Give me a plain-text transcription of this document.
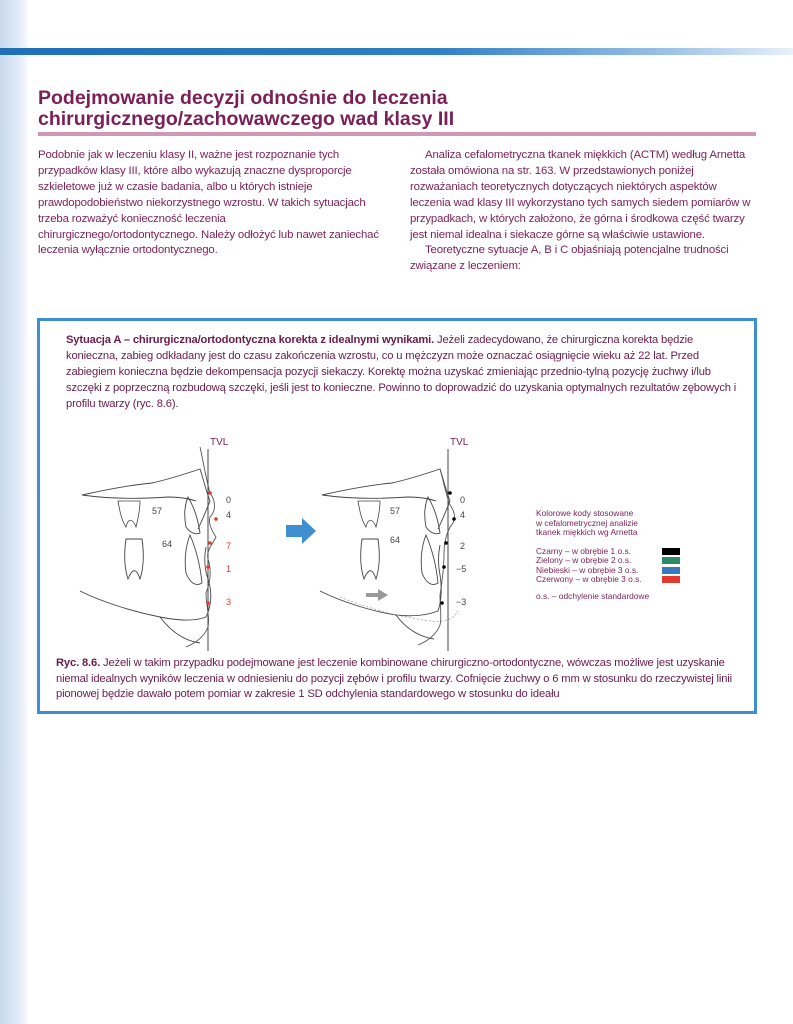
Podejmowanie decyzji odnośnie do leczenia
chirurgicznego/zachowawczego wad klasy III

Podobnie jak w leczeniu klasy II, ważne jest rozpoznanie tych przypadków klasy III, które albo wykazują znaczne dysproporcje szkieletowe już w czasie badania, albo u których istnieje prawdopodobieństwo niekorzystnego wzrostu. W takich sytuacjach trzeba rozważyć konieczność leczenia chirurgicznego/ortodontycznego. Należy odłożyć lub nawet zaniechać leczenia wyłącznie ortodontycznego.

Analiza cefalometryczna tkanek miękkich (ACTM) według Arnetta została omówiona na str. 163. W przedstawionych poniżej rozważaniach teoretycznych dotyczących niektórych aspektów leczenia wad klasy III wykorzystano tych samych siedem pomiarów w przypadkach, w których założono, że górna i środkowa część twarzy jest niemal idealna i siekacze górne są właściwie ustawione.

Teoretyczne sytuacje A, B i C objaśniają potencjalne trudności związane z leczeniem:

Sytuacja A – chirurgiczna/ortodontyczna korekta z idealnymi wynikami. Jeżeli zadecydowano, że chirurgiczna korekta będzie konieczna, zabieg odkładany jest do czasu zakończenia wzrostu, co u mężczyzn może oznaczać osiągnięcie wieku aż 22 lat. Przed zabiegiem konieczna będzie dekompensacja pozycji siekaczy. Korektę można uzyskać zmieniając przednio-tylną pozycję żuchwy i/lub szczęki z poprzeczną rozbudową szczęki, jeśli jest to konieczne. Powinno to doprowadzić do uzyskania optymalnych rezultatów zębowych i profilu twarzy (ryc. 8.6).

TVL
57
64
0
4
7
1
3
TVL
57
64
0
4
2
−5
−3
Kolorowe kody stosowane
w cefalometrycznej analizie
tkanek miękkich wg Arnetta
Czarny – w obrębie 1 o.s.
Zielony – w obrębie 2 o.s.
Niebieski – w obrębie 3 o.s.
Czerwony – w obrębie 3 o.s.
o.s. – odchylenie standardowe

Ryc. 8.6. Jeżeli w takim przypadku podejmowane jest leczenie kombinowane chirurgiczno-ortodontyczne, wówczas możliwe jest uzyskanie niemal idealnych wyników leczenia w odniesieniu do pozycji zębów i profilu twarzy. Cofnięcie żuchwy o 6 mm w stosunku do rzeczywistej linii pionowej będzie dawało potem pomiar w zakresie 1 SD odchylenia standardowego w stosunku do ideału
